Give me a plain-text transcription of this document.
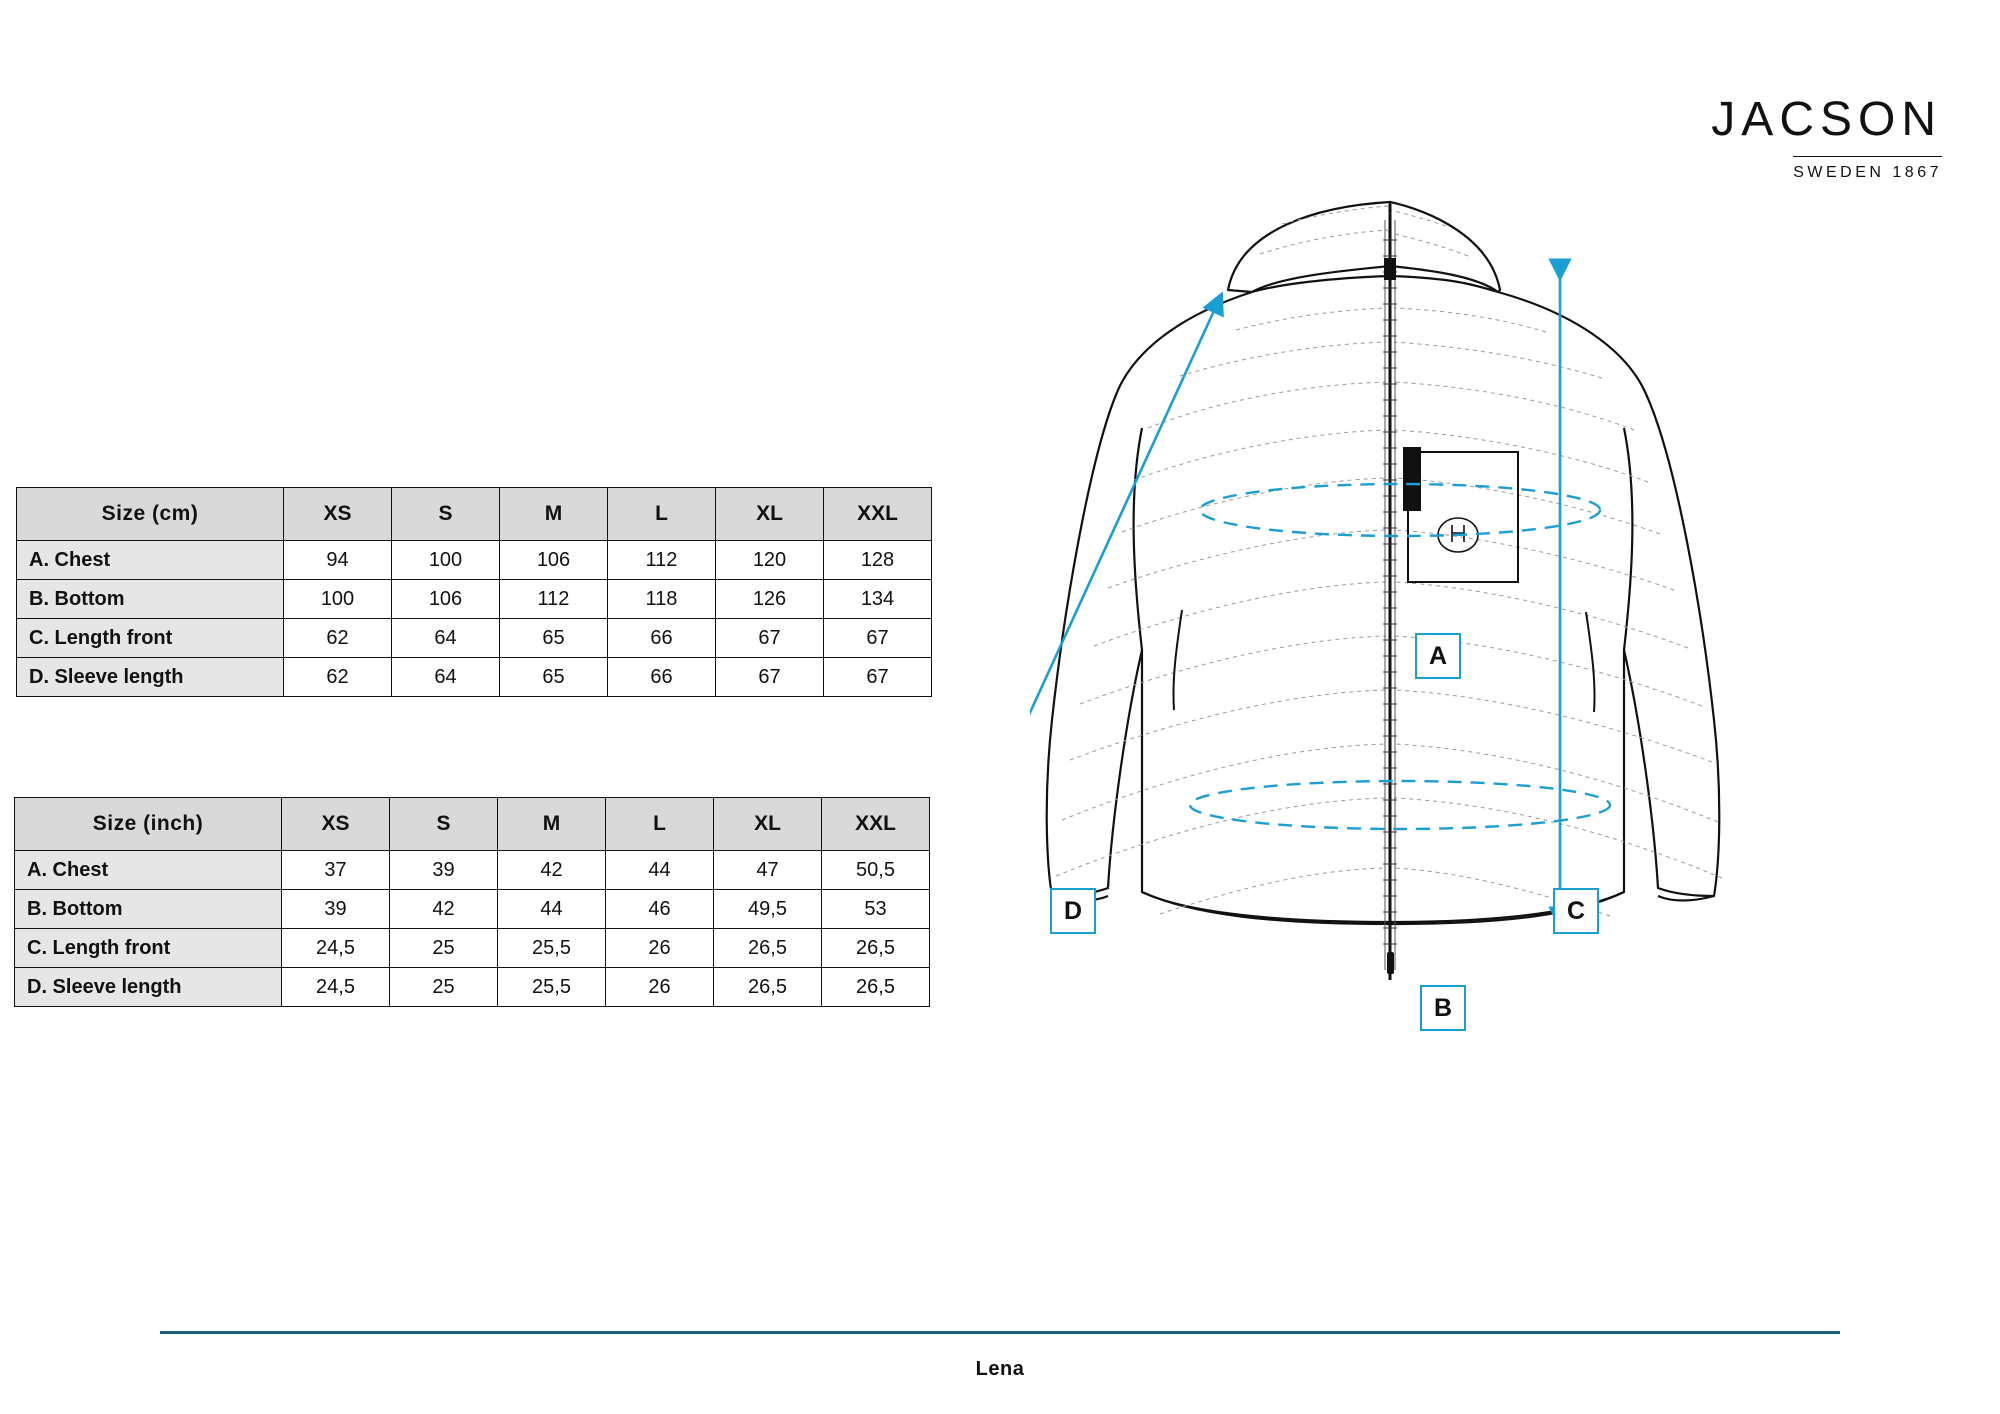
JACSON
SWEDEN 1867
Size (cm)	XS	S	M	L	XL	XXL
A. Chest	94	100	106	112	120	128
B. Bottom	100	106	112	118	126	134
C. Length front	62	64	65	66	67	67
D. Sleeve length	62	64	65	66	67	67
Size (inch)	XS	S	M	L	XL	XXL
A. Chest	37	39	42	44	47	50,5
B. Bottom	39	42	44	46	49,5	53
C. Length front	24,5	25	25,5	26	26,5	26,5
D. Sleeve length	24,5	25	25,5	26	26,5	26,5
A
B
C
D
Lena
